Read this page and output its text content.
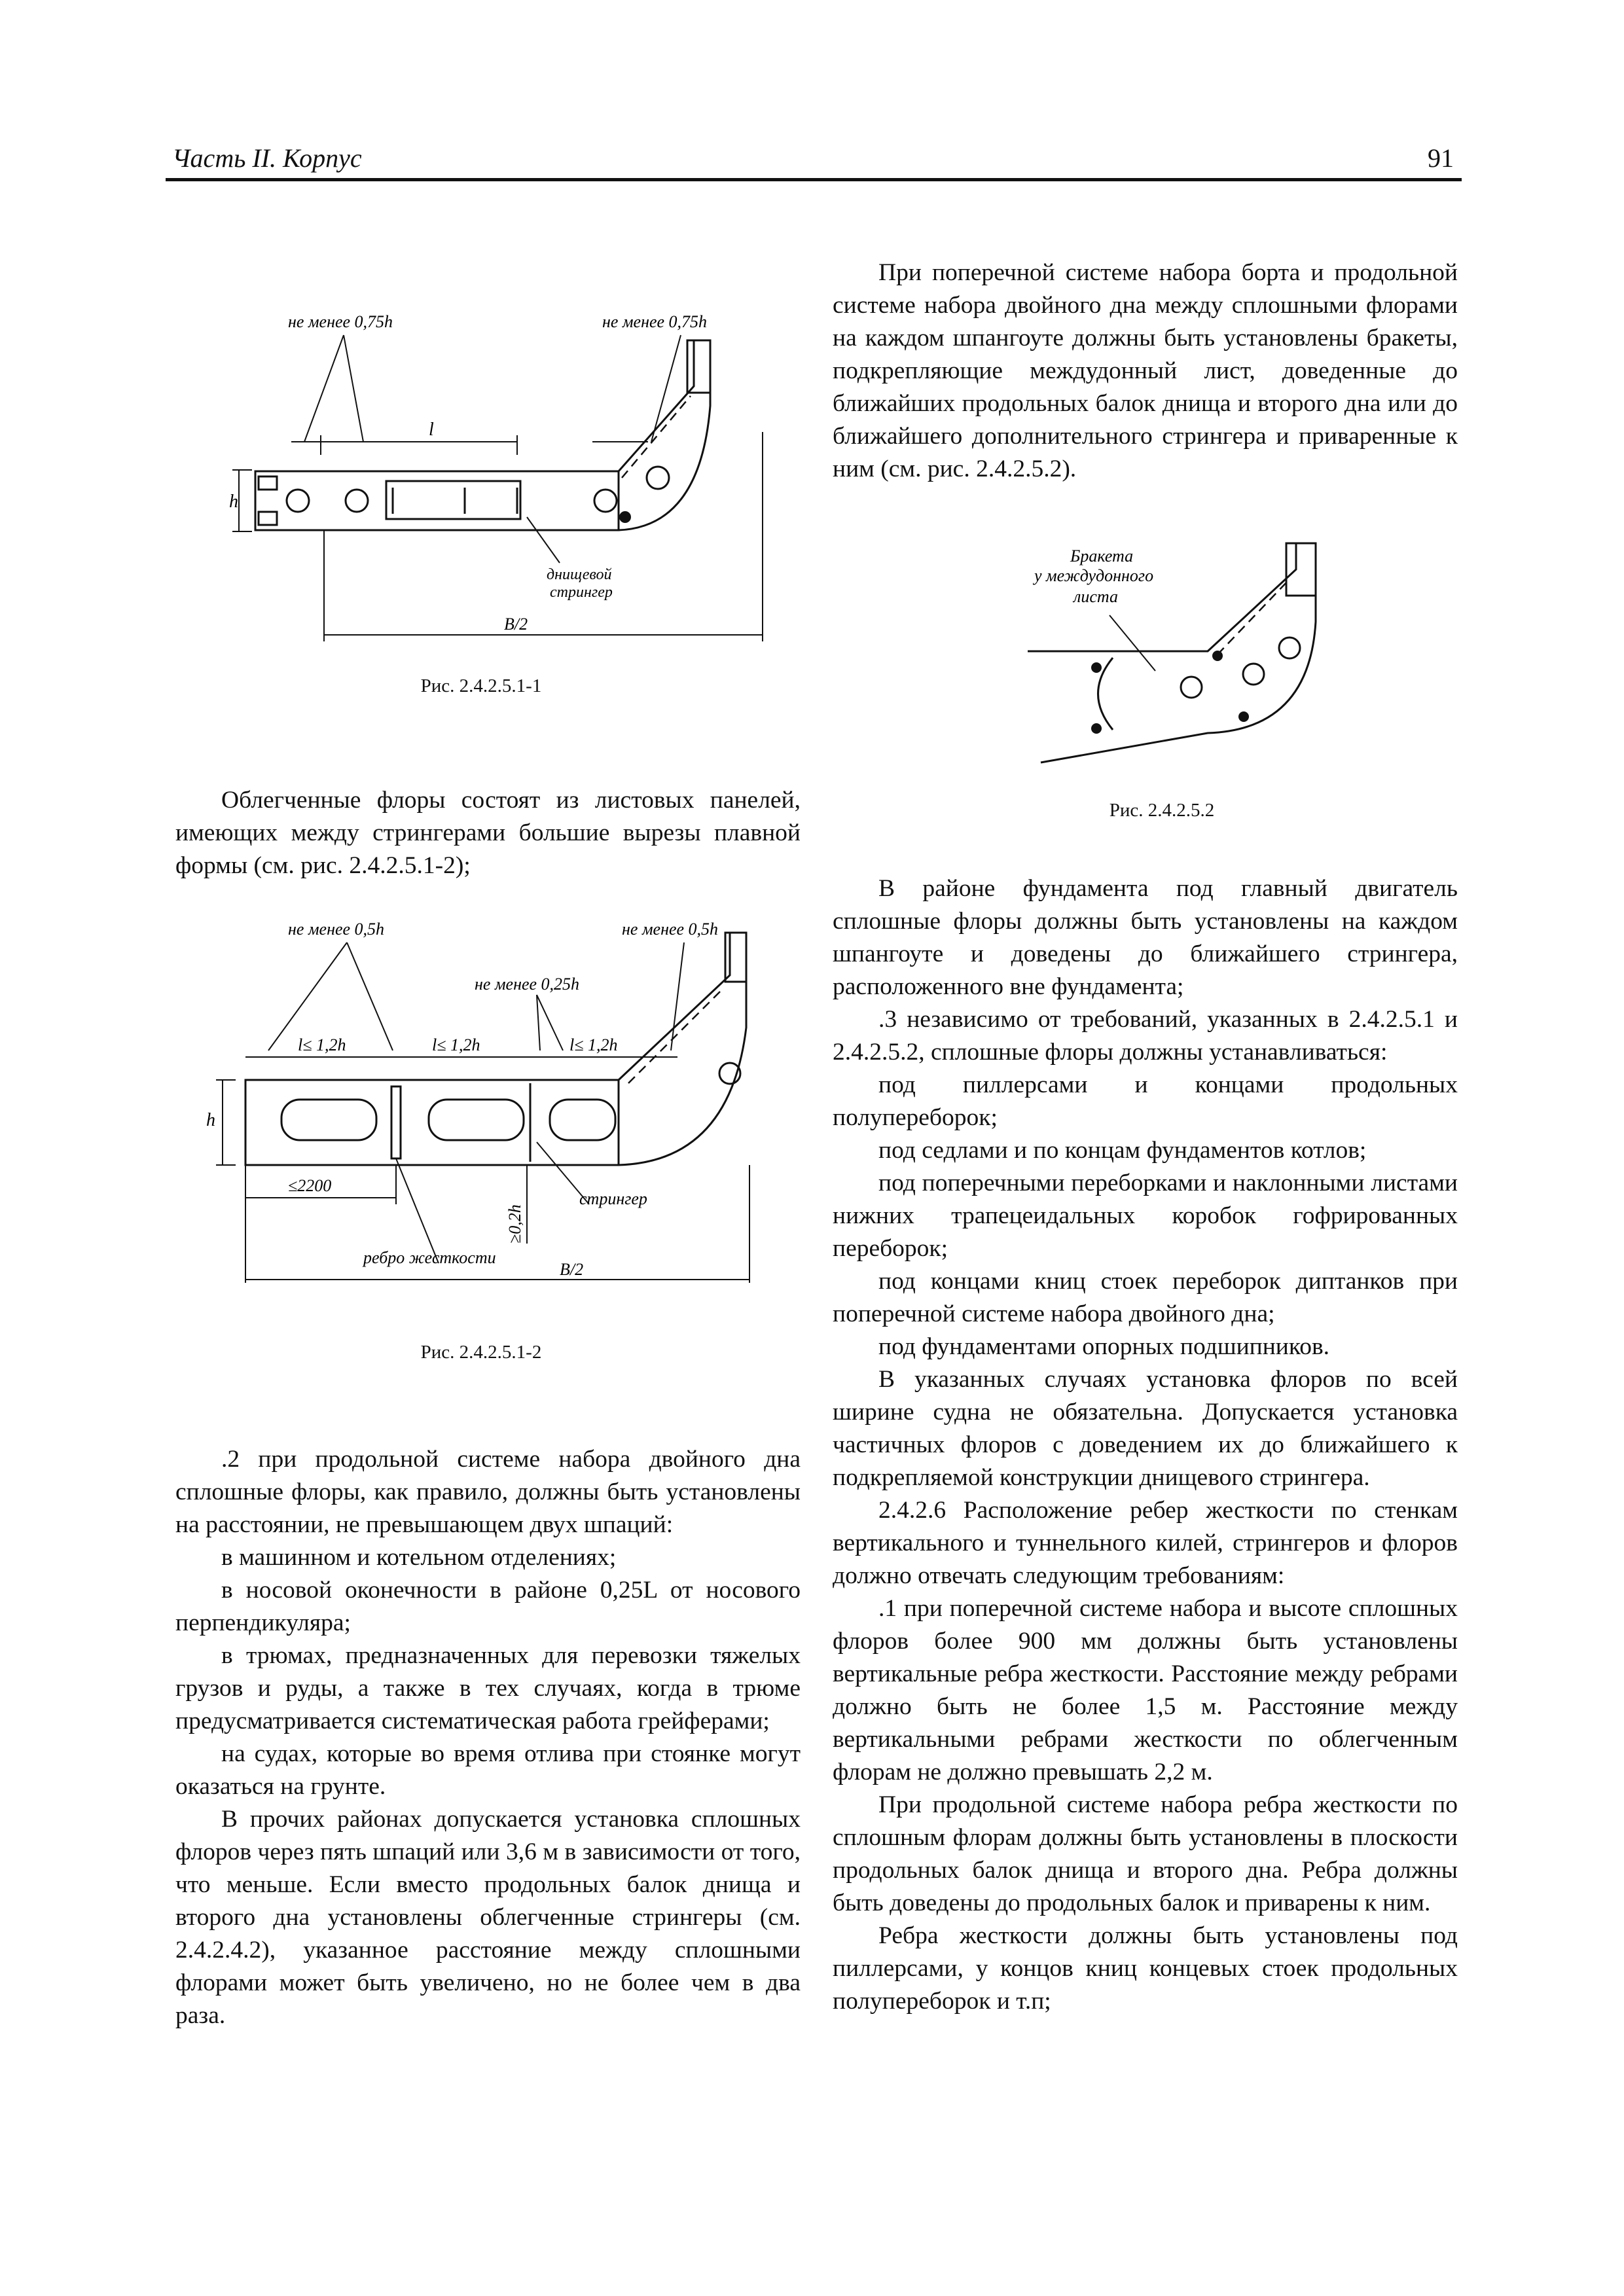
Часть II. Корпус	91
не менее 0,75h	не менее 0,75h
l
h
днищевой
стрингер
B/2
Рис. 2.4.2.5.1-1

Облегченные флоры состоят из листовых панелей, имеющих между стрингерами большие вырезы плавной формы (см. рис. 2.4.2.5.1-2);

не менее 0,5h	не менее 0,5h
не менее 0,25h
l≤ 1,2h	l≤ 1,2h	l≤ 1,2h
h
≤2200
≥0,2h
стрингер
ребро жесткости
B/2
Рис. 2.4.2.5.1-2

.2 при продольной системе набора двойного дна сплошные флоры, как правило, должны быть установлены на расстоянии, не превышающем двух шпаций:

в машинном и котельном отделениях;

в носовой оконечности в районе 0,25L от носового перпендикуляра;

в трюмах, предназначенных для перевозки тяжелых грузов и руды, а также в тех случаях, когда в трюме предусматривается систематическая работа грейферами;

на судах, которые во время отлива при стоянке могут оказаться на грунте.

В прочих районах допускается установка сплошных флоров через пять шпаций или 3,6 м в зависимости от того, что меньше. Если вместо продольных балок днища и второго дна установлены облегченные стрингеры (см. 2.4.2.4.2), указанное расстояние между сплошными флорами может быть увеличено, но не более чем в два раза.

При поперечной системе набора борта и продольной системе набора двойного дна между сплошными флорами на каждом шпангоуте должны быть установлены бракеты, подкрепляющие междудонный лист, доведенные до ближайших продольных балок днища и второго дна или до ближайшего дополнительного стрингера и приваренные к ним (см. рис. 2.4.2.5.2).

Бракета
у междудонного
листа
Рис. 2.4.2.5.2

В районе фундамента под главный двигатель сплошные флоры должны быть установлены на каждом шпангоуте и доведены до ближайшего стрингера, расположенного вне фундамента;

.3 независимо от требований, указанных в 2.4.2.5.1 и 2.4.2.5.2, сплошные флоры должны устанавливаться:

под пиллерсами и концами продольных полупереборок;

под седлами и по концам фундаментов котлов;

под поперечными переборками и наклонными листами нижних трапецеидальных коробок гофрированных переборок;

под концами книц стоек переборок диптанков при поперечной системе набора двойного дна;

под фундаментами опорных подшипников.

В указанных случаях установка флоров по всей ширине судна не обязательна. Допускается установка частичных флоров с доведением их до ближайшего к подкрепляемой конструкции днищевого стрингера.

2.4.2.6 Расположение ребер жесткости по стенкам вертикального и туннельного килей, стрингеров и флоров должно отвечать следующим требованиям:

.1 при поперечной системе набора и высоте сплошных флоров более 900 мм должны быть установлены вертикальные ребра жесткости. Расстояние между ребрами должно быть не более 1,5 м. Расстояние между вертикальными ребрами жесткости по облегченным флорам не должно превышать 2,2 м.

При продольной системе набора ребра жесткости по сплошным флорам должны быть установлены в плоскости продольных балок днища и второго дна. Ребра должны быть доведены до продольных балок и приварены к ним.

Ребра жесткости должны быть установлены под пиллерсами, у концов книц концевых стоек продольных полупереборок и т.п;
